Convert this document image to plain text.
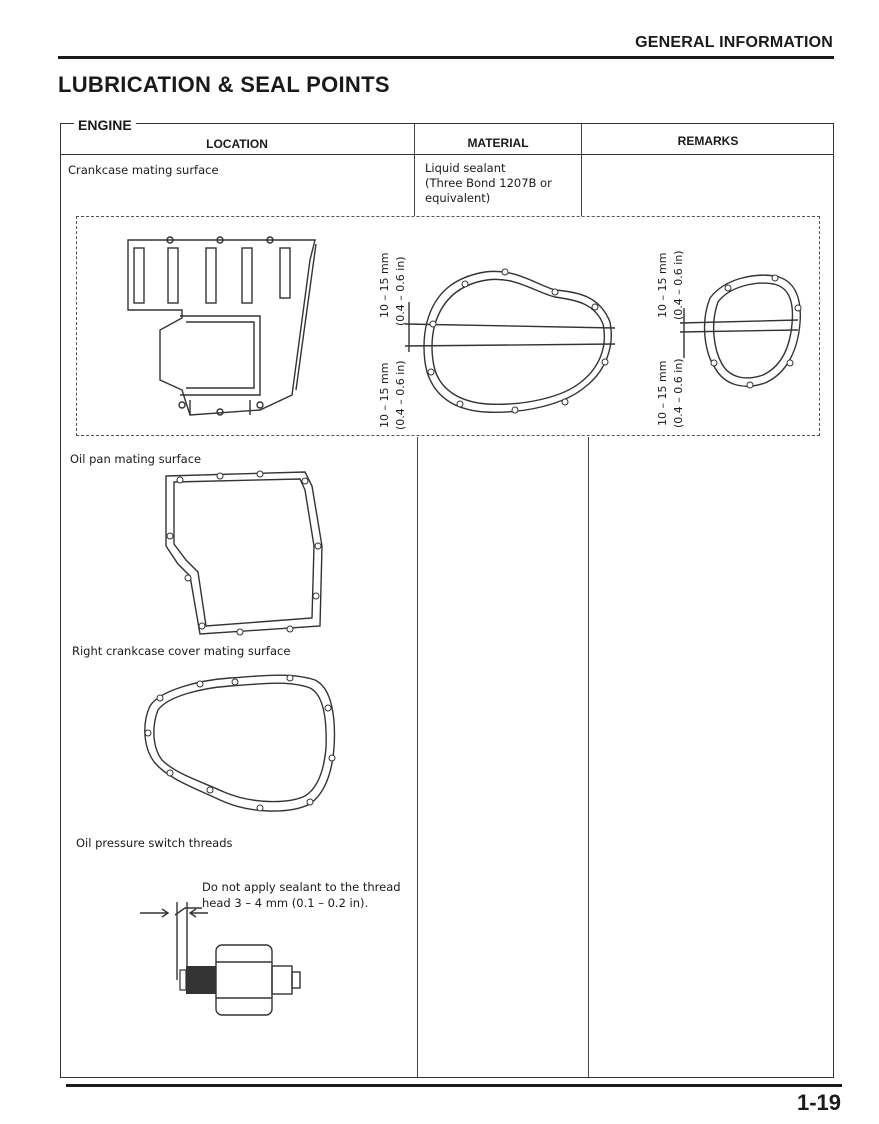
GENERAL INFORMATION
LUBRICATION & SEAL POINTS
ENGINE
LOCATION	MATERIAL	REMARKS
Crankcase mating surface	Liquid sealant
(Three Bond 1207B or
equivalent)
10 – 15 mm (0.4 – 0.6 in)
10 – 15 mm (0.4 – 0.6 in)
10 – 15 mm (0.4 – 0.6 in)
10 – 15 mm (0.4 – 0.6 in)
Oil pan mating surface
Right crankcase cover mating surface
Oil pressure switch threads
Do not apply sealant to the thread
head 3 – 4 mm (0.1 – 0.2 in).
1-19
